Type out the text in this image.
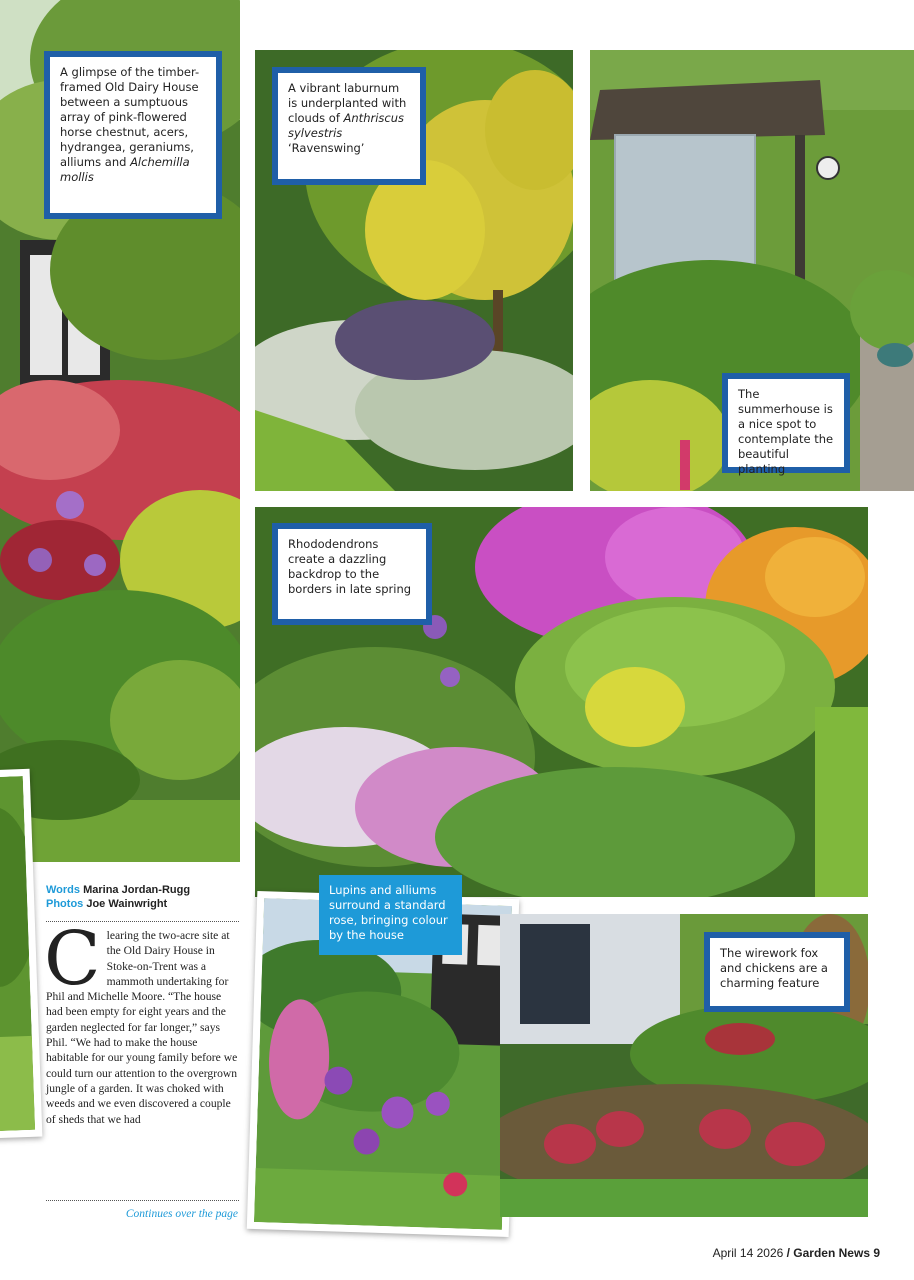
A glimpse of the timber-framed Old Dairy House between a sumptuous array of pink-flowered horse chestnut, acers, hydrangea, geraniums, alliums and Alchemilla mollis
A vibrant laburnum is underplanted with clouds of Anthriscus sylvestris ‘Ravenswing’
The summerhouse is a nice spot to contemplate the beautiful planting
Rhododendrons create a dazzling backdrop to the borders in late spring
Lupins and alliums surround a standard rose, bringing colour by the house
The wirework fox and chickens are a charming feature
Words Marina Jordan-Rugg
Photos Joe Wainwright
Clearing the two-acre site at the Old Dairy House in Stoke-on-Trent was a mammoth undertaking for Phil and Michelle Moore. “The house had been empty for eight years and the garden neglected for far longer,” says Phil. “We had to make the house habitable for our young family before we could turn our attention to the overgrown jungle of a garden. It was choked with weeds and we even discovered a couple of sheds that we had
Continues over the page
April 14 2026 / Garden News 9
